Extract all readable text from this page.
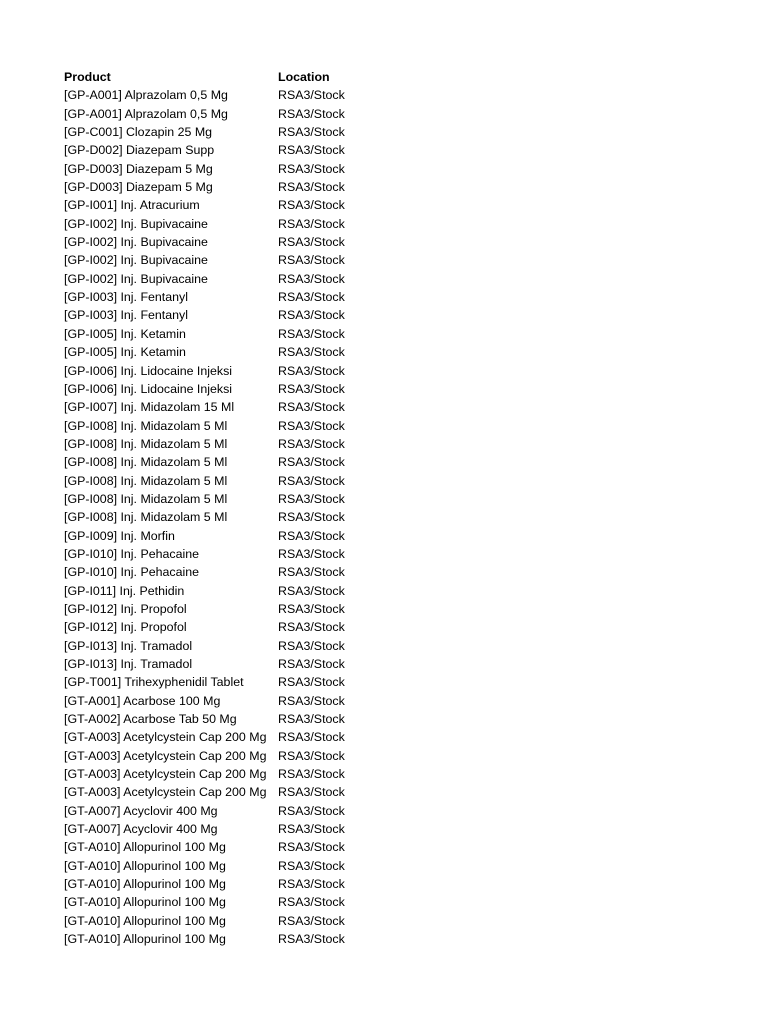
Product	Location
[GP-A001] Alprazolam 0,5 Mg	RSA3/Stock
[GP-A001] Alprazolam 0,5 Mg	RSA3/Stock
[GP-C001] Clozapin 25 Mg	RSA3/Stock
[GP-D002] Diazepam Supp	RSA3/Stock
[GP-D003] Diazepam 5 Mg	RSA3/Stock
[GP-D003] Diazepam 5 Mg	RSA3/Stock
[GP-I001] Inj. Atracurium	RSA3/Stock
[GP-I002] Inj. Bupivacaine	RSA3/Stock
[GP-I002] Inj. Bupivacaine	RSA3/Stock
[GP-I002] Inj. Bupivacaine	RSA3/Stock
[GP-I002] Inj. Bupivacaine	RSA3/Stock
[GP-I003] Inj. Fentanyl	RSA3/Stock
[GP-I003] Inj. Fentanyl	RSA3/Stock
[GP-I005] Inj. Ketamin	RSA3/Stock
[GP-I005] Inj. Ketamin	RSA3/Stock
[GP-I006] Inj. Lidocaine Injeksi	RSA3/Stock
[GP-I006] Inj. Lidocaine Injeksi	RSA3/Stock
[GP-I007] Inj. Midazolam 15 Ml	RSA3/Stock
[GP-I008] Inj. Midazolam 5 Ml	RSA3/Stock
[GP-I008] Inj. Midazolam 5 Ml	RSA3/Stock
[GP-I008] Inj. Midazolam 5 Ml	RSA3/Stock
[GP-I008] Inj. Midazolam 5 Ml	RSA3/Stock
[GP-I008] Inj. Midazolam 5 Ml	RSA3/Stock
[GP-I008] Inj. Midazolam 5 Ml	RSA3/Stock
[GP-I009] Inj. Morfin	RSA3/Stock
[GP-I010] Inj. Pehacaine	RSA3/Stock
[GP-I010] Inj. Pehacaine	RSA3/Stock
[GP-I011] Inj. Pethidin	RSA3/Stock
[GP-I012] Inj. Propofol	RSA3/Stock
[GP-I012] Inj. Propofol	RSA3/Stock
[GP-I013] Inj. Tramadol	RSA3/Stock
[GP-I013] Inj. Tramadol	RSA3/Stock
[GP-T001] Trihexyphenidil Tablet	RSA3/Stock
[GT-A001] Acarbose 100 Mg	RSA3/Stock
[GT-A002] Acarbose Tab 50 Mg	RSA3/Stock
[GT-A003] Acetylcystein Cap 200 Mg RSA3/Stock
[GT-A003] Acetylcystein Cap 200 Mg RSA3/Stock
[GT-A003] Acetylcystein Cap 200 Mg RSA3/Stock
[GT-A003] Acetylcystein Cap 200 Mg RSA3/Stock
[GT-A007] Acyclovir 400 Mg	RSA3/Stock
[GT-A007] Acyclovir 400 Mg	RSA3/Stock
[GT-A010] Allopurinol 100 Mg	RSA3/Stock
[GT-A010] Allopurinol 100 Mg	RSA3/Stock
[GT-A010] Allopurinol 100 Mg	RSA3/Stock
[GT-A010] Allopurinol 100 Mg	RSA3/Stock
[GT-A010] Allopurinol 100 Mg	RSA3/Stock
[GT-A010] Allopurinol 100 Mg	RSA3/Stock
